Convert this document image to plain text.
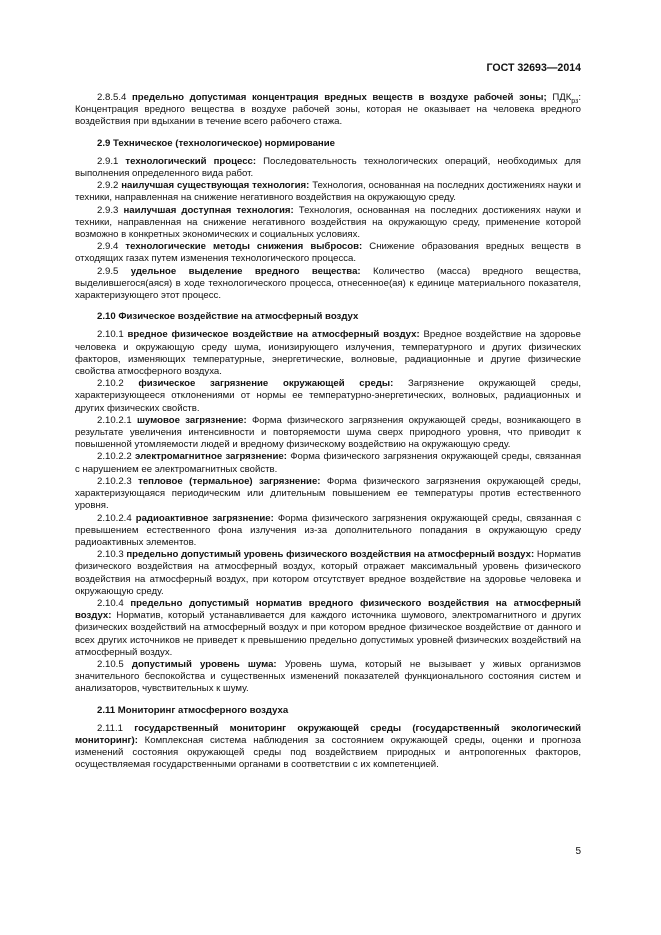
ГОСТ 32693—2014

2.8.5.4 предельно допустимая концентрация вредных веществ в воздухе рабочей зоны; $ПДК_{рз}$: Концентрация вредного вещества в воздухе рабочей зоны, которая не оказывает на человека вредного воздействия при вдыхании в течение всего рабочего стажа.

2.9 Техническое (технологическое) нормирование

2.9.1 технологический процесс: Последовательность технологических операций, необходимых для выполнения определенного вида работ.

2.9.2 наилучшая существующая технология: Технология, основанная на последних достижениях науки и техники, направленная на снижение негативного воздействия на окружающую среду.

2.9.3 наилучшая доступная технология: Технология, основанная на последних достижениях науки и техники, направленная на снижение негативного воздействия на окружающую среду, применение которой возможно в конкретных экономических и социальных условиях.

2.9.4 технологические методы снижения выбросов: Снижение образования вредных веществ в отходящих газах путем изменения технологического процесса.

2.9.5 удельное выделение вредного вещества: Количество (масса) вредного вещества, выделившегося(аяся) в ходе технологического процесса, отнесенное(ая) к единице материального показателя, характеризующего этот процесс.

2.10 Физическое воздействие на атмосферный воздух

2.10.1 вредное физическое воздействие на атмосферный воздух: Вредное воздействие на здоровье человека и окружающую среду шума, ионизирующего излучения, температурного и других физических факторов, изменяющих температурные, энергетические, волновые, радиационные и другие физические свойства атмосферного воздуха.

2.10.2 физическое загрязнение окружающей среды: Загрязнение окружающей среды, характеризующееся отклонениями от нормы ее температурно-энергетических, волновых, радиационных и других физических свойств.

2.10.2.1 шумовое загрязнение: Форма физического загрязнения окружающей среды, возникающего в результате увеличения интенсивности и повторяемости шума сверх природного уровня, что приводит к повышенной утомляемости людей и вредному физическому воздействию на окружающую среду.

2.10.2.2 электромагнитное загрязнение: Форма физического загрязнения окружающей среды, связанная с нарушением ее электромагнитных свойств.

2.10.2.3 тепловое (термальное) загрязнение: Форма физического загрязнения окружающей среды, характеризующаяся периодическим или длительным повышением ее температуры против естественного уровня.

2.10.2.4 радиоактивное загрязнение: Форма физического загрязнения окружающей среды, связанная с превышением естественного фона излучения из-за дополнительного попадания в окружающую среду радиоактивных элементов.

2.10.3 предельно допустимый уровень физического воздействия на атмосферный воздух: Норматив физического воздействия на атмосферный воздух, который отражает максимальный уровень физического воздействия на атмосферный воздух, при котором отсутствует вредное воздействие на здоровье человека и окружающую среду.

2.10.4 предельно допустимый норматив вредного физического воздействия на атмосферный воздух: Норматив, который устанавливается для каждого источника шумового, электромагнитного и других физических воздействий на атмосферный воздух и при котором вредное физическое воздействие от данного и всех других источников не приведет к превышению предельно допустимых уровней физических воздействий на атмосферный воздух.

2.10.5 допустимый уровень шума: Уровень шума, который не вызывает у живых организмов значительного беспокойства и существенных изменений показателей функционального состояния систем и анализаторов, чувствительных к шуму.

2.11 Мониторинг атмосферного воздуха

2.11.1 государственный мониторинг окружающей среды (государственный экологический мониторинг): Комплексная система наблюдения за состоянием окружающей среды, оценки и прогноза изменений состояния окружающей среды под воздействием природных и антропогенных факторов, осуществляемая государственными органами в соответствии с их компетенцией.

5
